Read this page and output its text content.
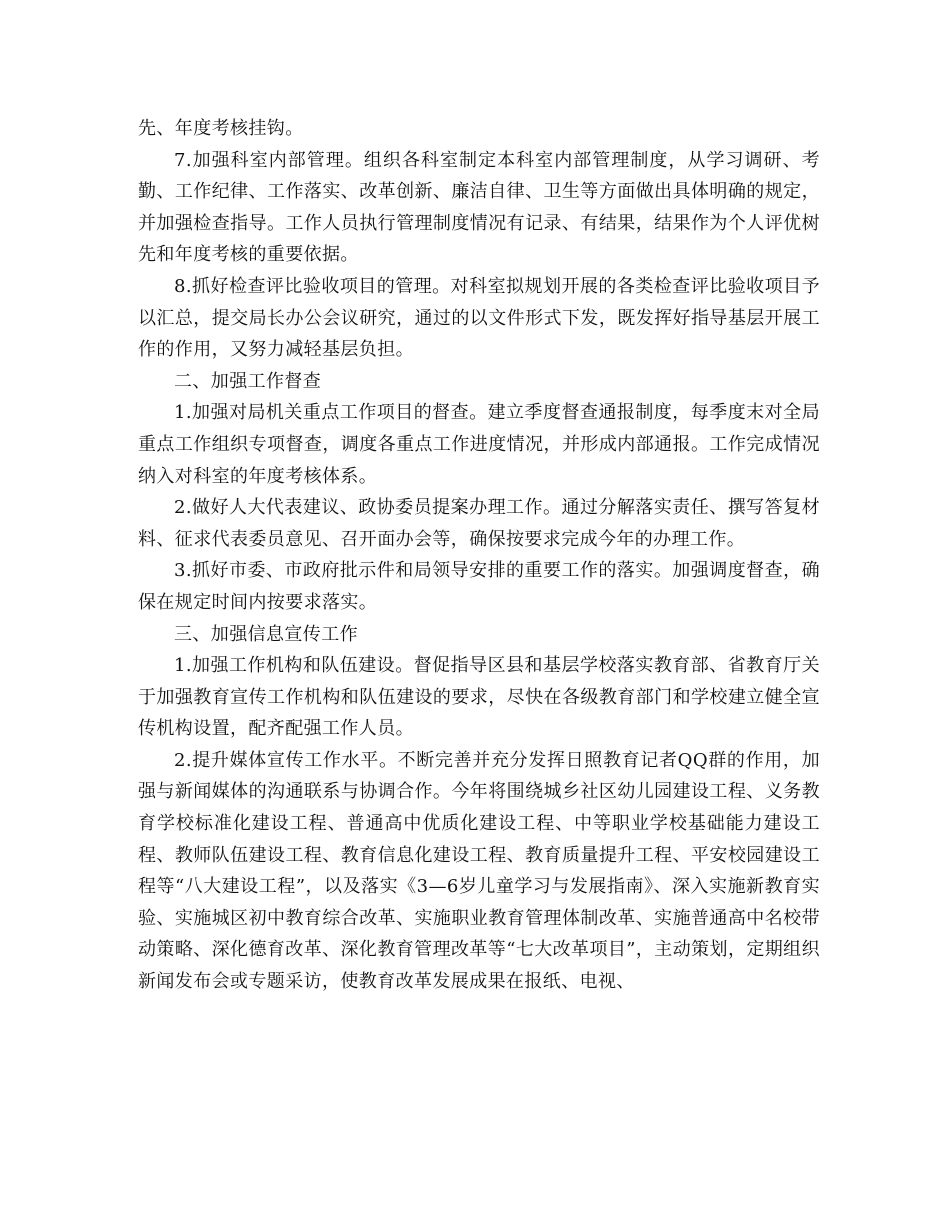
先、年度考核挂钩。

7.加强科室内部管理。组织各科室制定本科室内部管理制度，从学习调研、考勤、工作纪律、工作落实、改革创新、廉洁自律、卫生等方面做出具体明确的规定，并加强检查指导。工作人员执行管理制度情况有记录、有结果，结果作为个人评优树先和年度考核的重要依据。

8.抓好检查评比验收项目的管理。对科室拟规划开展的各类检查评比验收项目予以汇总，提交局长办公会议研究，通过的以文件形式下发，既发挥好指导基层开展工作的作用，又努力减轻基层负担。

二、加强工作督查

1.加强对局机关重点工作项目的督查。建立季度督查通报制度，每季度末对全局重点工作组织专项督查，调度各重点工作进度情况，并形成内部通报。工作完成情况纳入对科室的年度考核体系。

2.做好人大代表建议、政协委员提案办理工作。通过分解落实责任、撰写答复材料、征求代表委员意见、召开面办会等，确保按要求完成今年的办理工作。

3.抓好市委、市政府批示件和局领导安排的重要工作的落实。加强调度督查，确保在规定时间内按要求落实。

三、加强信息宣传工作

1.加强工作机构和队伍建设。督促指导区县和基层学校落实教育部、省教育厅关于加强教育宣传工作机构和队伍建设的要求，尽快在各级教育部门和学校建立健全宣传机构设置，配齐配强工作人员。

2.提升媒体宣传工作水平。不断完善并充分发挥日照教育记者QQ群的作用，加强与新闻媒体的沟通联系与协调合作。今年将围绕城乡社区幼儿园建设工程、义务教育学校标准化建设工程、普通高中优质化建设工程、中等职业学校基础能力建设工程、教师队伍建设工程、教育信息化建设工程、教育质量提升工程、平安校园建设工程等“八大建设工程”，以及落实《3—6岁儿童学习与发展指南》、深入实施新教育实验、实施城区初中教育综合改革、实施职业教育管理体制改革、实施普通高中名校带动策略、深化德育改革、深化教育管理改革等“七大改革项目”，主动策划，定期组织新闻发布会或专题采访，使教育改革发展成果在报纸、电视、
